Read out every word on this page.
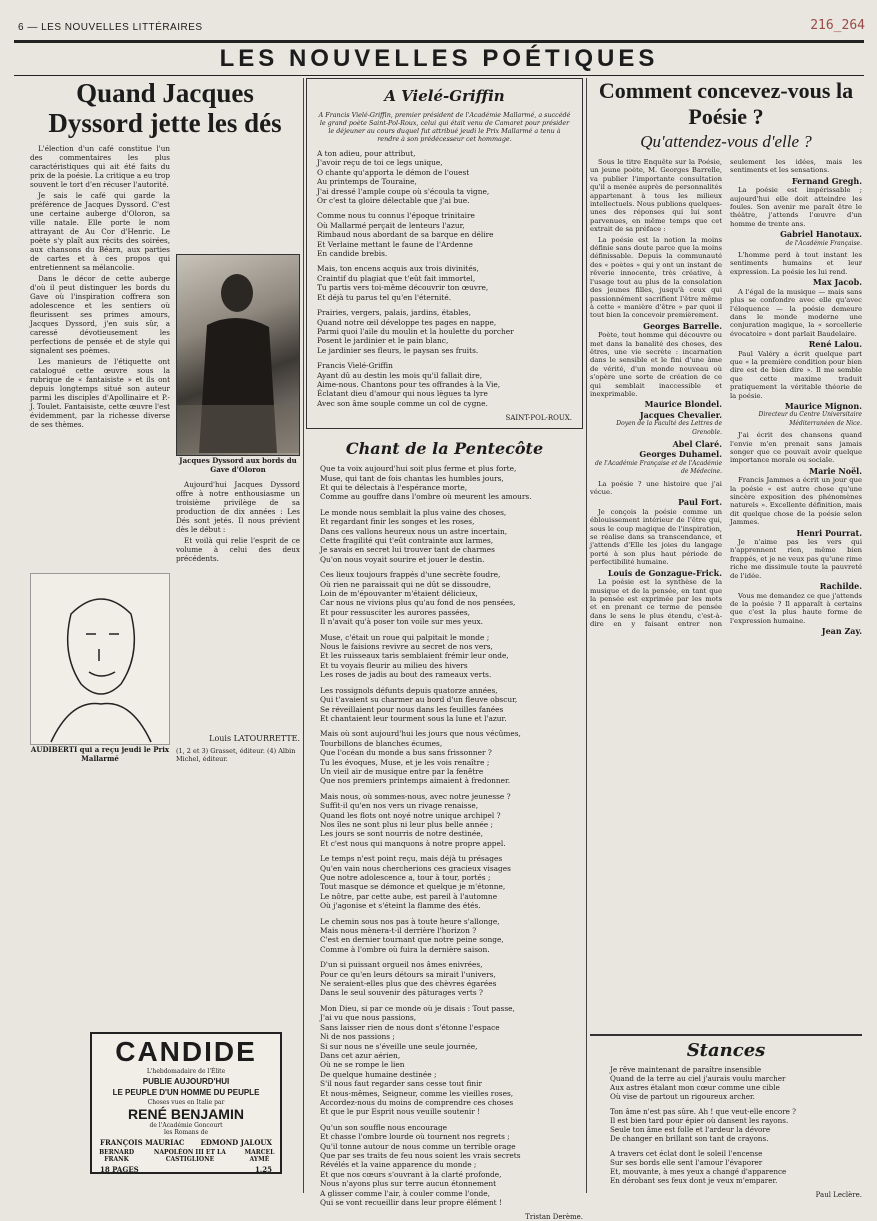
6 — LES NOUVELLES LITTÉRAIRES	216_264
LES NOUVELLES POÉTIQUES
Quand Jacques Dyssord jette les dés

L'élection d'un café constitue l'un des commentaires les plus caractéristiques qui ait été faits du prix de la poésie. La critique a eu trop souvent le tort d'en récuser l'autorité.

Je sais le café qui garde la préférence de Jacques Dyssord. C'est une certaine auberge d'Oloron, sa ville natale. Elle porte le nom attrayant de Au Cor d'Henric. Le poète s'y plaît aux récits des soirées, aux chansons du Béarn, aux parties de cartes et à ces propos qui entretiennent sa mélancolie.

Dans le décor de cette auberge d'où il peut distinguer les bords du Gave où l'inspiration coffrera son adolescence et les sentiers où fleurissent ses primes amours, Jacques Dyssord, j'en suis sûr, a caressé dévotieusement les perfections de pensée et de style qui signalent ses poèmes.

Les manieurs de l'étiquette ont catalogué cette œuvre sous la rubrique de « fantaisiste » et ils ont depuis longtemps situé son auteur parmi les disciples d'Apollinaire et P.-J. Toulet. Fantaisiste, cette œuvre l'est évidemment, par la richesse diverse de ses thèmes.

Jacques Dyssord aux bords du Gave d'Oloron

Aujourd'hui Jacques Dyssord offre à notre enthousiasme un troisième privilège de sa production de dix années : Les Dés sont jetés. Il nous prévient dès le début :

Et voilà qui relie l'esprit de ce volume à celui des deux précédents.

AUDIBERTI qui a reçu jeudi le Prix Mallarmé
Louis LATOURRETTE.
(1, 2 et 3) Grasset, éditeur. (4) Albin Michel, éditeur.
CANDIDE

L'hebdomadaire de l'Élite

PUBLIE AUJOURD'HUI

LE PEUPLE D'UN HOMME DU PEUPLE

Choses vues en Italie par

RENÉ BENJAMIN

de l'Académie Goncourt

les Romans de

FRANÇOIS MAURIAC EDMOND JALOUX
BERNARD FRANK
NAPOLÉON III ET LA CASTIGLIONE
MARCEL AYMÉ
18 PAGES	1.25
A Vielé-Griffin

A Francis Vielé-Griffin, premier président de l'Académie Mallarmé, a succédé le grand poète Saint-Pol-Roux, celui qui était venu de Camaret pour présider le déjeuner au cours duquel fut attribué jeudi le Prix Mallarmé a tenu à rendre à son prédécesseur cet hommage.

A ton adieu, pour attribut,

J'avoir reçu de toi ce legs unique,

O chante qu'apporta le démon de l'ouest

Au printemps de Touraine,

J'ai dressé l'ample coupe où s'écoula ta vigne,

Or c'est ta gloire délectable que j'ai bue.

Comme nous tu connus l'époque trinitaire

Où Mallarmé perçait de lenteurs l'azur,

Rimbaud nous abordant de sa barque en délire

Et Verlaine mettant le faune de l'Ardenne

En candide brebis.

Mais, ton encens acquis aux trois divinités,

Craintif du plagiat que t'eût fait immortel,

Tu partis vers toi-même découvrir ton œuvre,

Et déjà tu parus tel qu'en l'éternité.

Prairies, vergers, palais, jardins, étables,

Quand notre œil développe tes pages en nappe,

Parmi quoi l'aile du moulin et la houlette du porcher

Posent le jardinier et le pain blanc,

Le jardinier ses fleurs, le paysan ses fruits.

Francis Vielé-Griffin

Ayant dû au destin les mois qu'il fallait dire,

Aime-nous. Chantons pour tes offrandes à la Vie,

Éclatant dieu d'amour qui nous lègues ta lyre

Avec son âme souple comme un col de cygne.

SAINT-POL-ROUX.

Chant de la Pentecôte

Que ta voix aujourd'hui soit plus ferme et plus forte,

Muse, qui tant de fois chantas les humbles jours,

Et qui te délectais à l'espérance morte,

Comme au gouffre dans l'ombre où meurent les amours.

Le monde nous semblait la plus vaine des choses,

Et regardant finir les songes et les roses,

Dans ces vallons heureux nous un astre incertain,

Cette fragilité qui t'eût contrainte aux larmes,

Je savais en secret lui trouver tant de charmes

Qu'on nous voyait sourire et jouer le destin.

Ces lieux toujours frappés d'une secrète foudre,

Où rien ne paraissait qui ne dût se dissoudre,

Loin de m'épouvanter m'étaient délicieux,

Car nous ne vivions plus qu'au fond de nos pensées,

Et pour ressusciter les aurores passées,

Il n'avait qu'à poser ton voile sur mes yeux.

Muse, c'était un roue qui palpitait le monde ;

Nous le faisions revivre au secret de nos vers,

Et les ruisseaux taris semblaient frémir leur onde,

Et tu voyais fleurir au milieu des hivers

Les roses de jadis au bout des rameaux verts.

Les rossignols défunts depuis quatorze années,

Qui t'avaient su charmer au bord d'un fleuve obscur,

Se réveillaient pour nous dans les feuilles fanées

Et chantaient leur tourment sous la lune et l'azur.

Mais où sont aujourd'hui les jours que nous vécûmes,

Tourbillons de blanches écumes,

Que l'océan du monde a bus sans frissonner ?

Tu les évoques, Muse, et je les vois renaître ;

Un vieil air de musique entre par la fenêtre

Que nos premiers printemps aimaient à fredonner.

Mais nous, où sommes-nous, avec notre jeunesse ?

Suffit-il qu'en nos vers un rivage renaisse,

Quand les flots ont noyé notre unique archipel ?

Nos îles ne sont plus ni leur plus belle année ;

Les jours se sont nourris de notre destinée,

Et c'est nous qui manquons à notre propre appel.

Le temps n'est point reçu, mais déjà tu présages

Qu'en vain nous chercherions ces gracieux visages

Que notre adolescence a, tour à tour, portés ;

Tout masque se démonce et quelque je m'étonne,

Le nôtre, par cette aube, est pareil à l'automne

Où j'agonise et s'éteint la flamme des étés.

Le chemin sous nos pas à toute heure s'allonge,

Mais nous mènera-t-il derrière l'horizon ?

C'est en dernier tournant que notre peine songe,

Comme à l'ombre où fuira la dernière saison.

D'un si puissant orgueil nos âmes enivrées,

Pour ce qu'en leurs détours sa mirait l'univers,

Ne seraient-elles plus que des chèvres égarées

Dans le seul souvenir des pâturages verts ?

Mon Dieu, si par ce monde où je disais : Tout passe,

J'ai vu que nous passions,

Sans laisser rien de nous dont s'étonne l'espace

Ni de nos passions ;

Si sur nous ne s'éveille une seule journée,

Dans cet azur aérien,

Où ne se rompe le lien

De quelque humaine destinée ;

S'il nous faut regarder sans cesse tout finir

Et nous-mêmes, Seigneur, comme les vieilles roses,

Accordez-nous du moins de comprendre ces choses

Et que le pur Esprit nous veuille soutenir !

Qu'un son souffle nous encourage

Et chasse l'ombre lourde où tournent nos regrets ;

Qu'il tonne autour de nous comme un terrible orage

Que par ses traits de feu nous soient les vrais secrets

Révélés et la vaine apparence du monde ;

Et que nos cœurs s'ouvrant à la clarté profonde,

Nous n'ayons plus sur terre aucun étonnement

A glisser comme l'air, à couler comme l'onde,

Qui se vont recueillir dans leur propre élément !

Tristan Derème.

Comment concevez-vous la Poésie ?
Qu'attendez-vous d'elle ?

Sous le titre Enquête sur la Poésie, un jeune poète, M. Georges Barrelle, va publier l'importante consultation qu'il a menée auprès de personnalités appartenant à tous les milieux intellectuels. Nous publions quelques-unes des réponses qui lui sont parvenues, en même temps que cet extrait de sa préface :

La poésie est la notion la moins définie sans doute parce que la moins définissable. Depuis la communauté des « poètes » qui y ont un instant de rêverie innocente, très créative, à l'usage tout au plus de la consolation des jeunes filles, jusqu'à ceux qui passionnément sacrifient l'être même à cette « manière d'être » par quoi il tout bien la concevoir premièrement.

Georges Barrelle.

Poète, tout homme qui découvre ou met dans la banalité des choses, des êtres, une vie secrète : incarnation dans le sensible et le fini d'une âme de vérité, d'un monde nouveau où s'opère une sorte de création de ce qui semblait inaccessible et inexprimable.

Maurice Blondel.
Jacques Chevalier.
Doyen de la Faculté des Lettres de Grenoble.
Abel Claré.
Georges Duhamel.
de l'Académie Française et de l'Académie de Médecine.

La poésie ? une histoire que j'ai vécue.

Paul Fort.

Je conçois la poésie comme un éblouissement intérieur de l'être qui, sous le coup magique de l'inspiration, se réalise dans sa transcendance, et j'attends d'Elle les joies du langage porté à son plus haut période de perfectibilité humaine.

Louis de Gonzague-Frick.

La poésie est la synthèse de la musique et de la pensée, en tant que la pensée est exprimée par les mots et en prenant ce terme de pensée dans le sens le plus étendu, c'est-à-dire en y faisant entrer non seulement les idées, mais les sentiments et les sensations.

Fernand Gregh.

La poésie est impérissable ; aujourd'hui elle doit atteindre les foules. Son avenir me paraît être le théâtre, j'attends l'œuvre d'un homme de trente ans.

Gabriel Hanotaux.
de l'Académie Française.

L'homme perd à tout instant les sentiments humains et leur expression. La poésie les lui rend.

Max Jacob.

A l'égal de la musique — mais sans plus se confondre avec elle qu'avec l'éloquence — la poésie demeure dans le monde moderne une conjuration magique, la « sorcellerie évocatoire » dont parlait Baudelaire.

René Lalou.

Paul Valéry a écrit quelque part que « la première condition pour bien dire est de bien dire ». Il me semble que cette maxime traduit pratiquement la véritable théorie de la poésie.

Maurice Mignon.
Directeur du Centre Universitaire Méditerranéen de Nice.

J'ai écrit des chansons quand l'envie m'en prenait sans jamais songer que ce pouvait avoir quelque importance morale ou sociale.

Marie Noël.

Francis Jammes a écrit un jour que la poésie « est autre chose qu'une sincère exposition des phénomènes naturels ». Excellente définition, mais dit quelque chose de la poésie selon Jammes.

Henri Pourrat.

Je n'aime pas les vers qui n'apprennent rien, même bien frappés, et je ne veux pas qu'une rime riche me dissimule toute la pauvreté de l'idée.

Rachilde.

Vous me demandez ce que j'attends de la poésie ? Il apparaît à certains que c'est la plus haute forme de l'expression humaine.

Jean Zay.
Stances

Je rêve maintenant de paraître insensible

Quand de la terre au ciel j'aurais voulu marcher

Aux astres étalant mon cœur comme une cible

Où vise de partout un rigoureux archer.

Ton âme n'est pas sûre. Ah ! que veut-elle encore ?

Il est bien tard pour épier où dansent les rayons.

Seule ton âme est folle et l'ardeur la dévore

De changer en brillant son tant de crayons.

A travers cet éclat dont le soleil l'encense

Sur ses bords elle sent l'amour l'évaporer

Et, mouvante, à mes yeux a changé d'apparence

En dérobant ses feux dont je veux m'emparer.

Paul Leclère.
